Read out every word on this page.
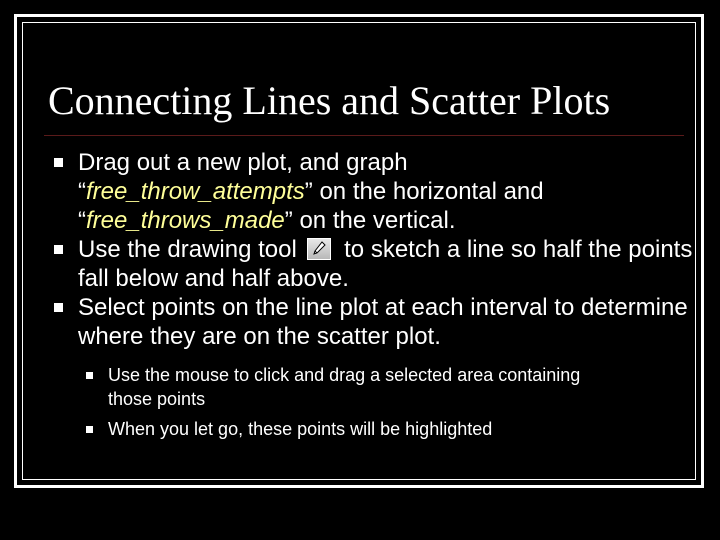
Connecting Lines and Scatter Plots
Drag out a new plot, and graph
“free_throw_attempts” on the horizontal and
“free_throws_made” on the vertical.
Use the drawing tool to sketch a line so half the points fall below and half above.
Select points on the line plot at each interval to determine where they are on the scatter plot.
Use the mouse to click and drag a selected area containing those points
When you let go, these points will be highlighted
